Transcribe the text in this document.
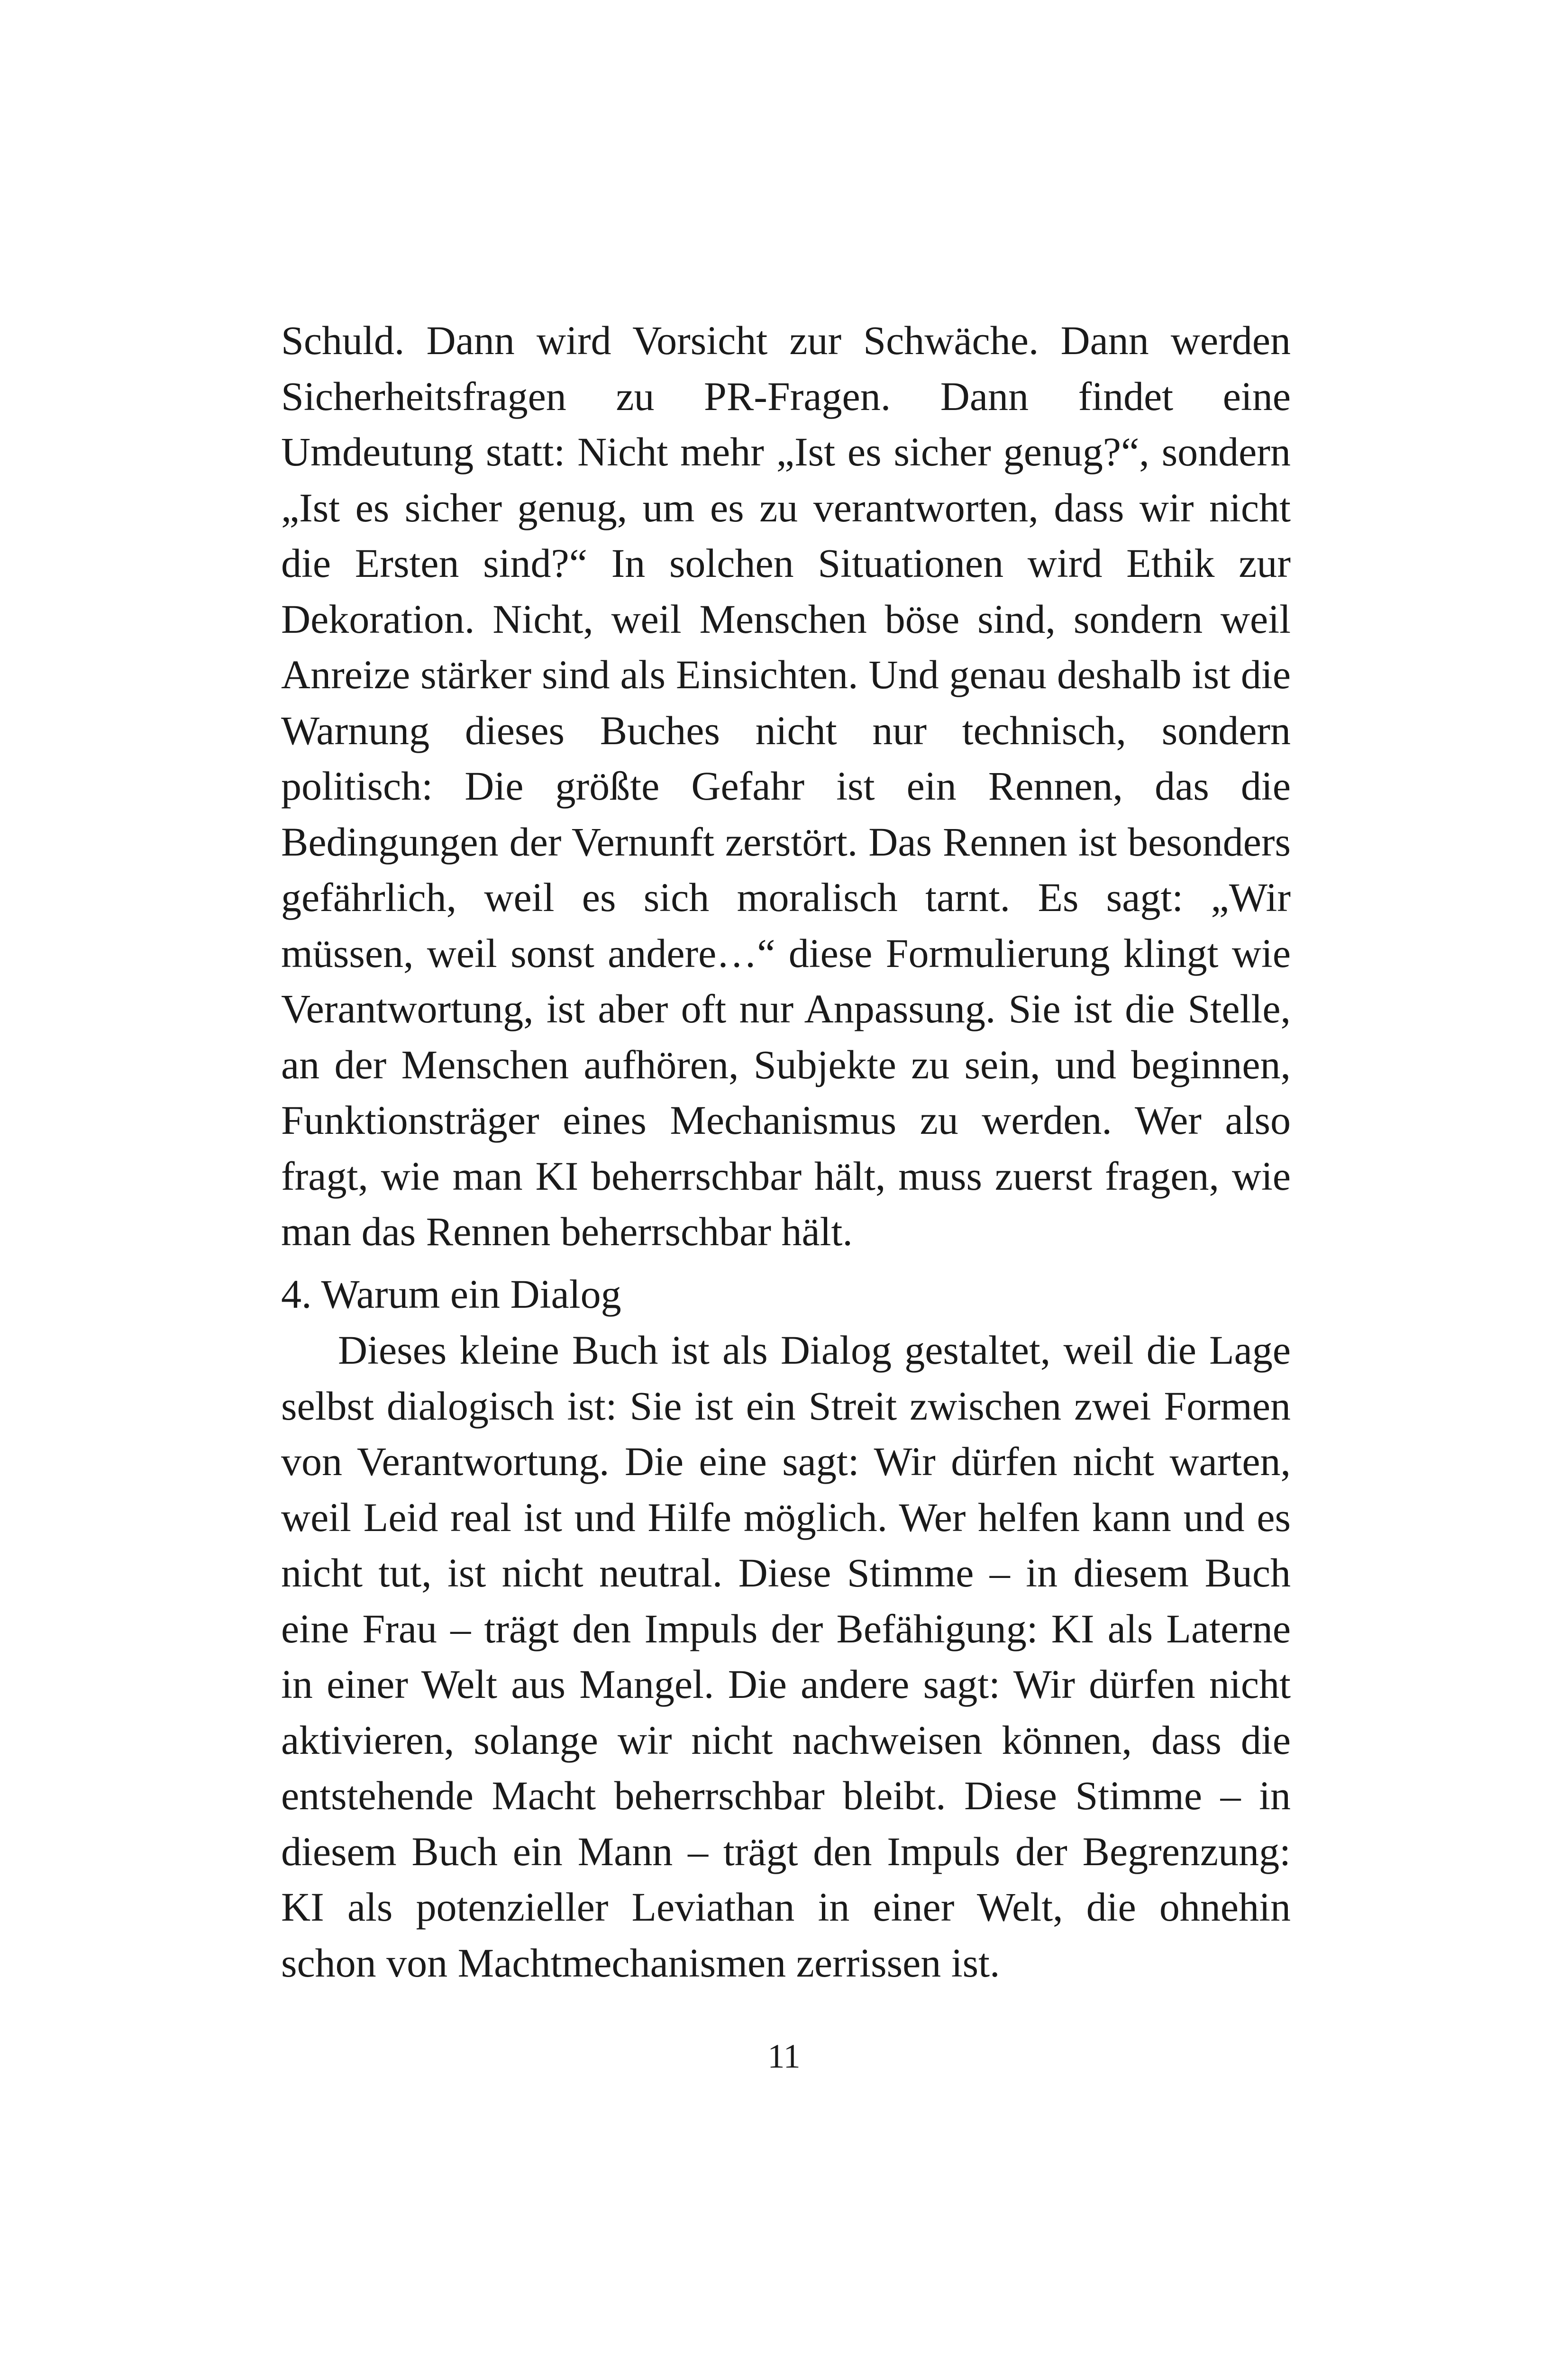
Schuld. Dann wird Vorsicht zur Schwäche. Dann werden Sicherheitsfragen zu PR-Fragen. Dann findet eine Umdeutung statt: Nicht mehr „Ist es sicher genug?“, sondern „Ist es sicher genug, um es zu verantworten, dass wir nicht die Ersten sind?“ In solchen Situationen wird Ethik zur Dekoration. Nicht, weil Menschen böse sind, sondern weil Anreize stärker sind als Einsichten. Und genau deshalb ist die Warnung dieses Buches nicht nur technisch, sondern politisch: Die größte Gefahr ist ein Rennen, das die Bedingungen der Vernunft zerstört. Das Rennen ist besonders gefährlich, weil es sich moralisch tarnt. Es sagt: „Wir müssen, weil sonst andere…“ diese Formulierung klingt wie Verantwortung, ist aber oft nur Anpassung. Sie ist die Stelle, an der Menschen aufhören, Subjekte zu sein, und beginnen, Funktionsträger eines Mechanismus zu werden. Wer also fragt, wie man KI beherrschbar hält, muss zuerst fragen, wie man das Rennen beherrschbar hält.

4. Warum ein Dialog

Dieses kleine Buch ist als Dialog gestaltet, weil die Lage selbst dialogisch ist: Sie ist ein Streit zwischen zwei Formen von Verantwortung. Die eine sagt: Wir dürfen nicht warten, weil Leid real ist und Hilfe möglich. Wer helfen kann und es nicht tut, ist nicht neutral. Diese Stimme – in diesem Buch eine Frau – trägt den Impuls der Befähigung: KI als Laterne in einer Welt aus Mangel. Die andere sagt: Wir dürfen nicht aktivieren, solange wir nicht nachweisen können, dass die entstehende Macht beherrschbar bleibt. Diese Stimme – in diesem Buch ein Mann – trägt den Impuls der Begrenzung: KI als potenzieller Leviathan in einer Welt, die ohnehin schon von Machtmechanismen zerrissen ist.

11
